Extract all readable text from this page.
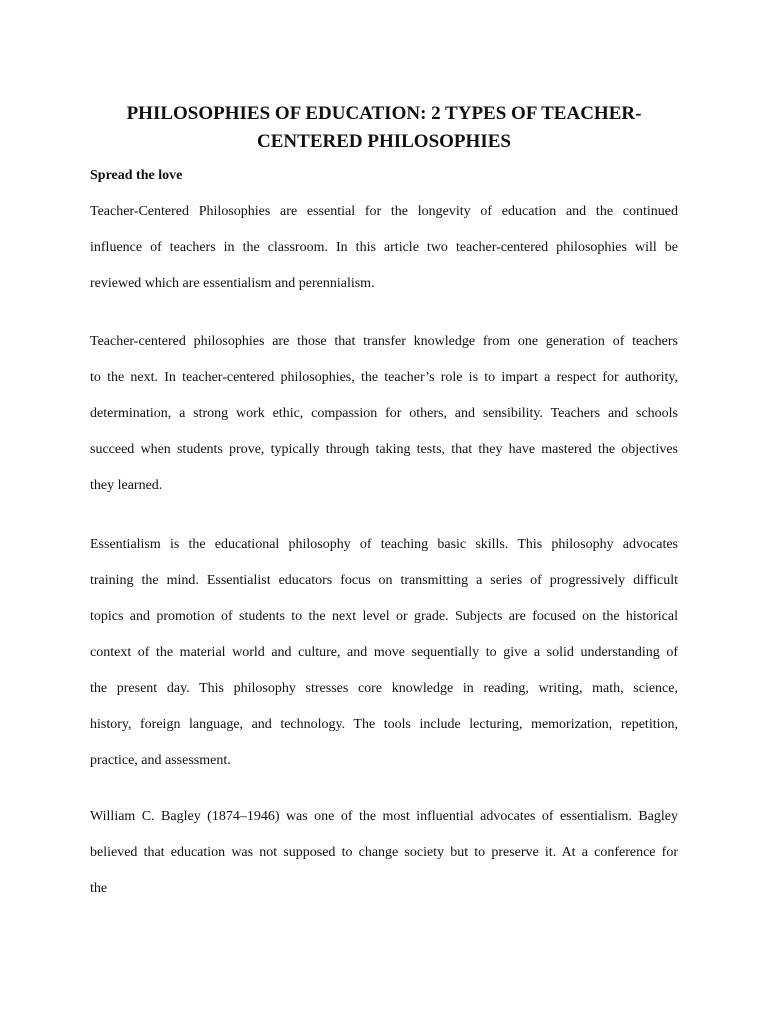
PHILOSOPHIES OF EDUCATION: 2 TYPES OF TEACHER-
CENTERED PHILOSOPHIES

Spread the love

Teacher-Centered Philosophies are essential for the longevity of education and the continued
influence of teachers in the classroom. In this article two teacher-centered philosophies will be
reviewed which are essentialism and perennialism.
Teacher-centered philosophies are those that transfer knowledge from one generation of teachers
to the next. In teacher-centered philosophies, the teacher’s role is to impart a respect for authority,
determination, a strong work ethic, compassion for others, and sensibility. Teachers and schools
succeed when students prove, typically through taking tests, that they have mastered the objectives
they learned.
Essentialism is the educational philosophy of teaching basic skills. This philosophy advocates
training the mind. Essentialist educators focus on transmitting a series of progressively difficult
topics and promotion of students to the next level or grade. Subjects are focused on the historical
context of the material world and culture, and move sequentially to give a solid understanding of
the present day. This philosophy stresses core knowledge in reading, writing, math, science,
history, foreign language, and technology. The tools include lecturing, memorization, repetition,
practice, and assessment.
William C. Bagley (1874–1946) was one of the most influential advocates of essentialism. Bagley
believed that education was not supposed to change society but to preserve it. At a conference for
the
